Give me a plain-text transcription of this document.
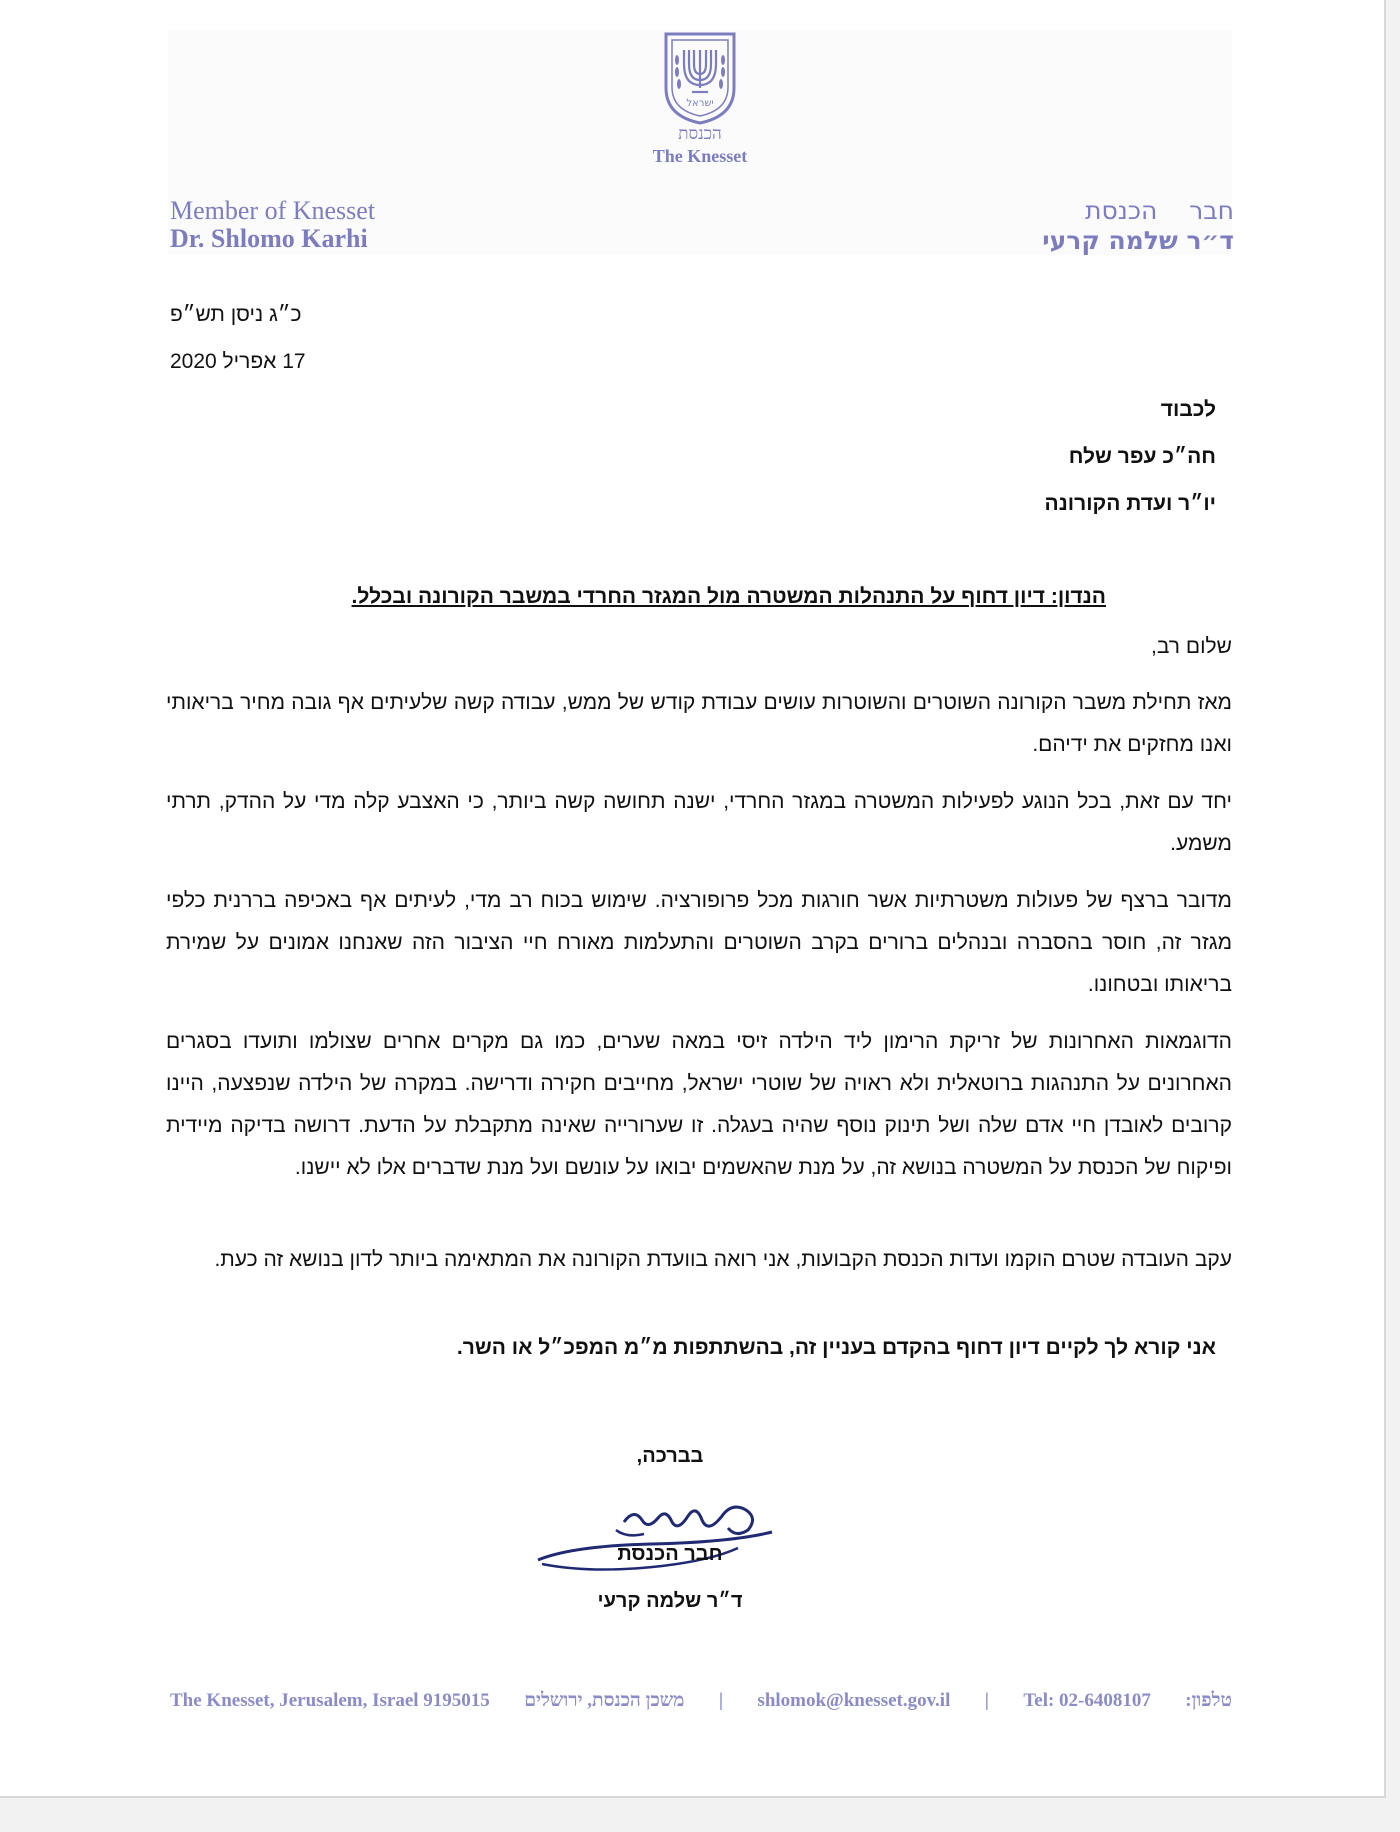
ישראל
הכנסת
The Knesset
Member of Knesset
Dr. Shlomo Karhi
חבר    הכנסת
ד״ר שלמה קרעי
כ״ג ניסן תש״פ
17 אפריל 2020
לכבוד
חה״כ עפר שלח
יו״ר ועדת הקורונה
הנדון: דיון דחוף על התנהלות המשטרה מול המגזר החרדי במשבר הקורונה ובכלל.
שלום רב,
מאז תחילת משבר הקורונה השוטרים והשוטרות עושים עבודת קודש של ממש, עבודה קשה שלעיתים אף גובה מחיר בריאותי ואנו מחזקים את ידיהם.
יחד עם זאת, בכל הנוגע לפעילות המשטרה במגזר החרדי, ישנה תחושה קשה ביותר, כי האצבע קלה מדי על ההדק, תרתי משמע.
מדובר ברצף של פעולות משטרתיות אשר חורגות מכל פרופורציה. שימוש בכוח רב מדי, לעיתים אף באכיפה בררנית כלפי מגזר זה, חוסר בהסברה ובנהלים ברורים בקרב השוטרים והתעלמות מאורח חיי הציבור הזה שאנחנו אמונים על שמירת בריאותו ובטחונו.
הדוגמאות האחרונות של זריקת הרימון ליד הילדה זיסי במאה שערים, כמו גם מקרים אחרים שצולמו ותועדו בסגרים האחרונים על התנהגות ברוטאלית ולא ראויה של שוטרי ישראל, מחייבים חקירה ודרישה. במקרה של הילדה שנפצעה, היינו קרובים לאובדן חיי אדם שלה ושל תינוק נוסף שהיה בעגלה. זו שערורייה שאינה מתקבלת על הדעת. דרושה בדיקה מיידית ופיקוח של הכנסת על המשטרה בנושא זה, על מנת שהאשמים יבואו על עונשם ועל מנת שדברים אלו לא יישנו.
עקב העובדה שטרם הוקמו ועדות הכנסת הקבועות, אני רואה בוועדת הקורונה את המתאימה ביותר לדון בנושא זה כעת.
אני קורא לך לקיים דיון דחוף בהקדם בעניין זה, בהשתתפות מ״מ המפכ״ל או השר.
בברכה,
חבר הכנסת
ד״ר שלמה קרעי
The Knesset, Jerusalem, Israel 9195015 משכן הכנסת, ירושלים | shlomok@knesset.gov.il | Tel: 02-6408107 טלפון:
